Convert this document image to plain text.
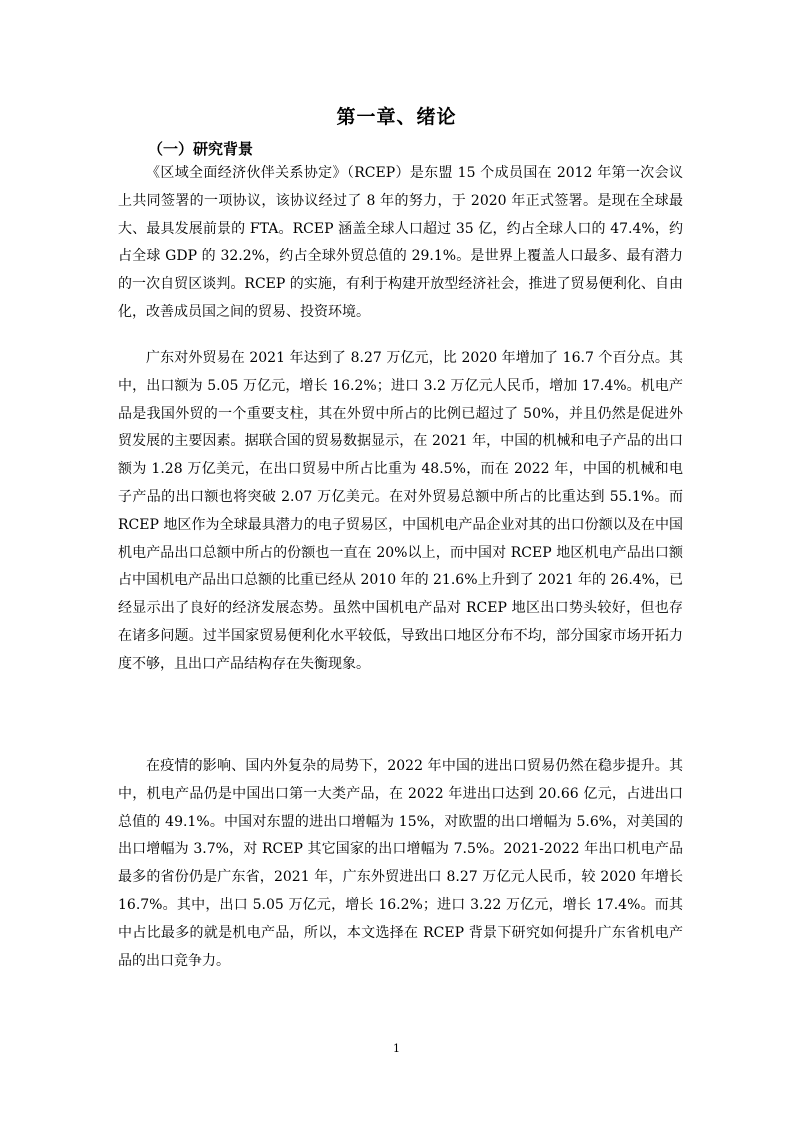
第一章、绪论
（一）研究背景

《区域全面经济伙伴关系协定》（RCEP）是东盟 15 个成员国在 2012 年第一次会议上共同签署的一项协议，该协议经过了 8 年的努力，于 2020 年正式签署。是现在全球最大、最具发展前景的 FTA。RCEP 涵盖全球人口超过 35 亿，约占全球人口的 47.4%，约占全球 GDP 的 32.2%，约占全球外贸总值的 29.1%。是世界上覆盖人口最多、最有潜力的一次自贸区谈判。RCEP 的实施，有利于构建开放型经济社会，推进了贸易便利化、自由化，改善成员国之间的贸易、投资环境。

广东对外贸易在 2021 年达到了 8.27 万亿元，比 2020 年增加了 16.7 个百分点。其中，出口额为 5.05 万亿元，增长 16.2%；进口 3.2 万亿元人民币，增加 17.4%。机电产品是我国外贸的一个重要支柱，其在外贸中所占的比例已超过了 50%，并且仍然是促进外贸发展的主要因素。据联合国的贸易数据显示，在 2021 年，中国的机械和电子产品的出口额为 1.28 万亿美元，在出口贸易中所占比重为 48.5%，而在 2022 年，中国的机械和电子产品的出口额也将突破 2.07 万亿美元。在对外贸易总额中所占的比重达到 55.1%。而 RCEP 地区作为全球最具潜力的电子贸易区，中国机电产品企业对其的出口份额以及在中国机电产品出口总额中所占的份额也一直在 20%以上，而中国对 RCEP 地区机电产品出口额占中国机电产品出口总额的比重已经从 2010 年的 21.6%上升到了 2021 年的 26.4%，已经显示出了良好的经济发展态势。虽然中国机电产品对 RCEP 地区出口势头较好，但也存在诸多问题。过半国家贸易便利化水平较低，导致出口地区分布不均，部分国家市场开拓力度不够，且出口产品结构存在失衡现象。

在疫情的影响、国内外复杂的局势下，2022 年中国的进出口贸易仍然在稳步提升。其中，机电产品仍是中国出口第一大类产品，在 2022 年进出口达到 20.66 亿元，占进出口总值的 49.1%。中国对东盟的进出口增幅为 15%，对欧盟的出口增幅为 5.6%，对美国的出口增幅为 3.7%，对 RCEP 其它国家的出口增幅为 7.5%。2021-2022 年出口机电产品最多的省份仍是广东省，2021 年，广东外贸进出口 8.27 万亿元人民币，较 2020 年增长 16.7%。其中，出口 5.05 万亿元，增长 16.2%；进口 3.22 万亿元，增长 17.4%。而其中占比最多的就是机电产品，所以，本文选择在 RCEP 背景下研究如何提升广东省机电产品的出口竞争力。

1
